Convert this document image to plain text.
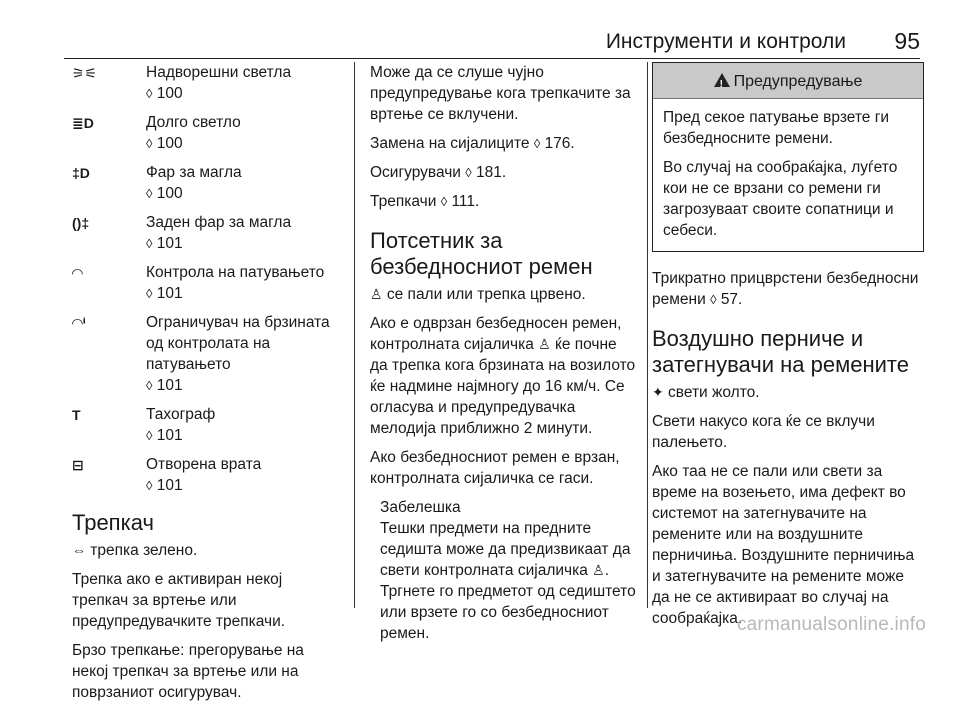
Инструменти и контроли 95
⚞⚟	Надворешни светла
◊ 100
≣D	Долго светло
◊ 100
‡D	Фар за магла
◊ 100
()‡	Заден фар за магла
◊ 101
◠	Контрола на патувањето
◊ 101
◠ⁱ	Ограничувач на брзината од контролата на патувањето
◊ 101
T	Тахограф
◊ 101
⊟	Отворена врата
◊ 101
Трепкач

⇔ трепка зелено.

Трепка ако е активиран некој трепкач за вртење или предупредувачките трепкачи.

Брзо трепкање: прегорување на некој трепкач за вртење или на поврзаниот осигурувач.

Може да се слуше чујно предупредување кога трепкачите за вртење се вклучени.

Замена на сијалиците ◊ 176.

Осигурувачи ◊ 181.

Трепкачи ◊ 111.

Потсетник за безбедносниот ремен

♙ се пали или трепка црвено.

Ако е одврзан безбедносен ремен, контролната сијаличка ♙ ќе почне да трепка кога брзината на возилото ќе надмине најмногу до 16 км/ч. Се огласува и предупредувачка мелодија приближно 2 минути.

Ако безбедносниот ремен е врзан, контролната сијаличка се гаси.

Забелешка
Тешки предмети на предните седишта може да предизвикаат да свети контролната сијаличка ♙. Тргнете го предметот од седиштето или врзете го со безбедносниот ремен.
!Предупредување

Пред секое патување врзете ги безбедносните ремени.

Во случај на сообраќајка, луѓето кои не се врзани со ремени ги загрозуваат своите сопатници и себеси.

Трикратно прицврстени безбедносни ремени ◊ 57.

Воздушно перниче и затегнувачи на ремените

✦ свети жолто.

Свети накусо кога ќе се вклучи палењето.

Ако таа не се пали или свети за време на возењето, има дефект во системот на затегнувачите на ремените или на воздушните перничиња. Воздушните перничиња и затегнувачите на ремените може да не се активираат во случај на сообраќајка.

carmanualsonline.info
